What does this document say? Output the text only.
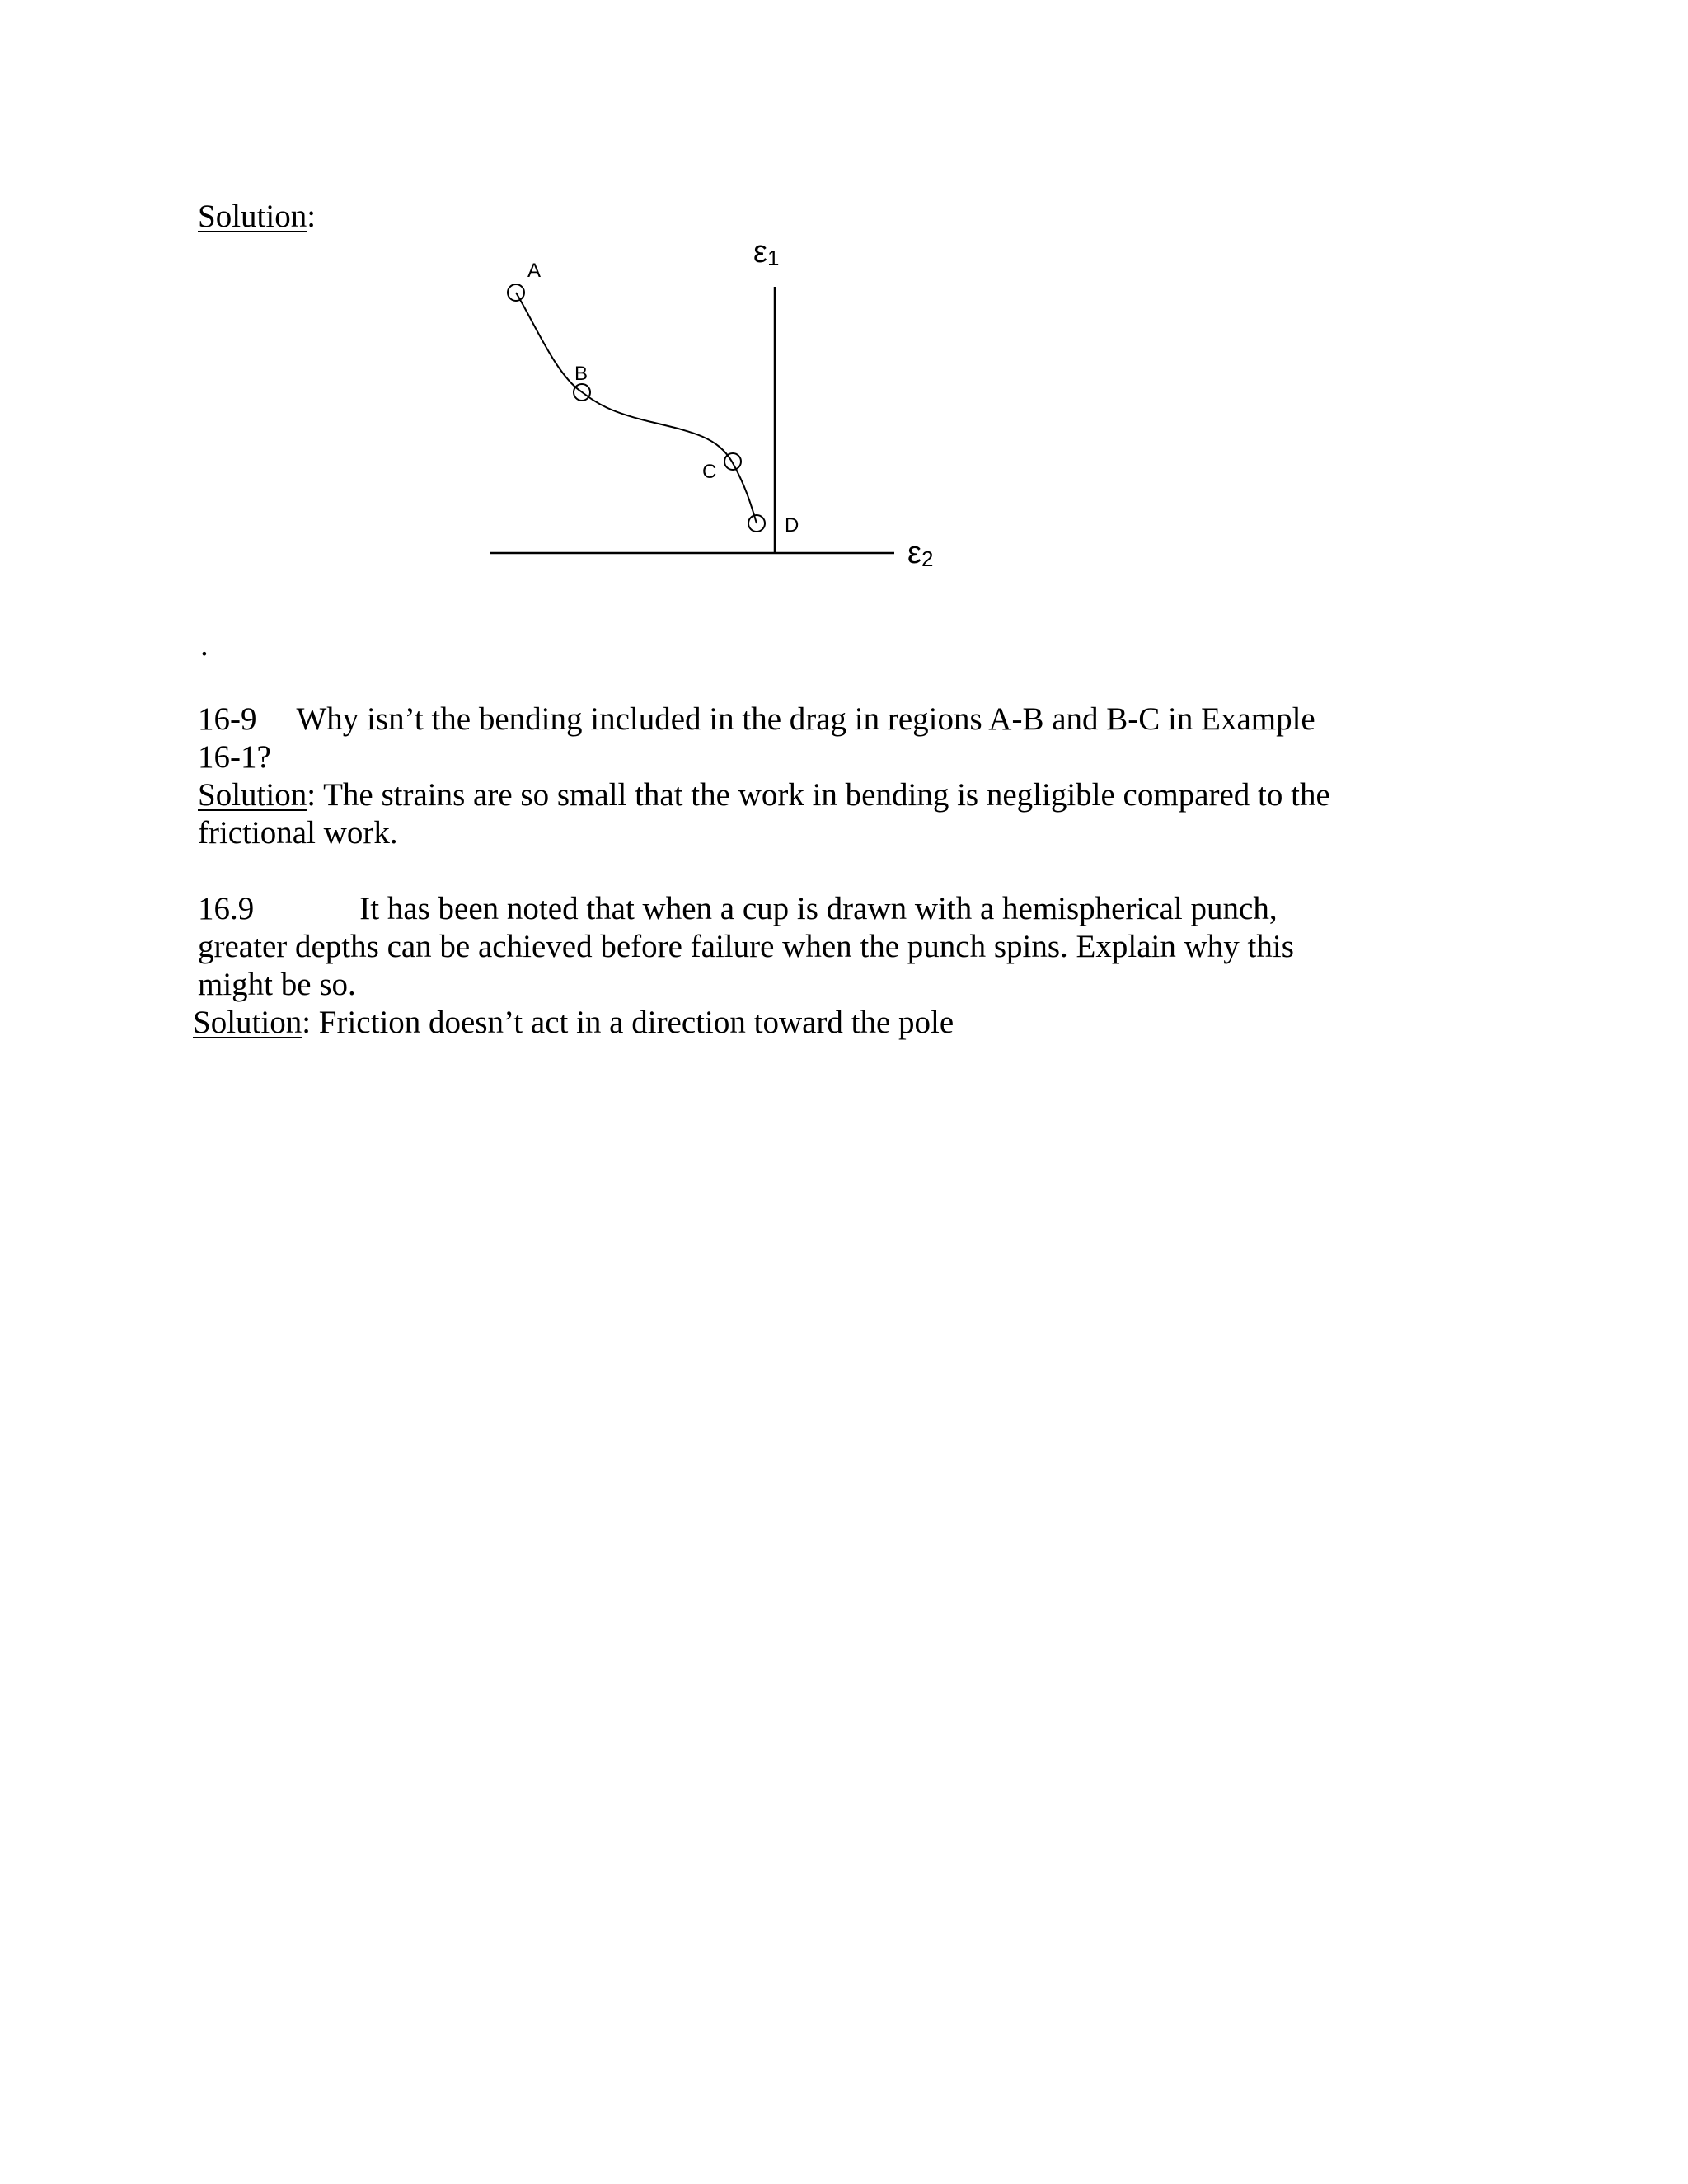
Solution:
A
B
C
D
ε1
ε2
.
16-9 Why isn’t the bending included in the drag in regions A-B and B-C in Example
16-1?
Solution: The strains are so small that the work in bending is negligible compared to the
frictional work.
16.9	It has been noted that when a cup is drawn with a hemispherical punch,
greater depths can be achieved before failure when the punch spins. Explain why this
might be so.
Solution: Friction doesn’t act in a direction toward the pole
